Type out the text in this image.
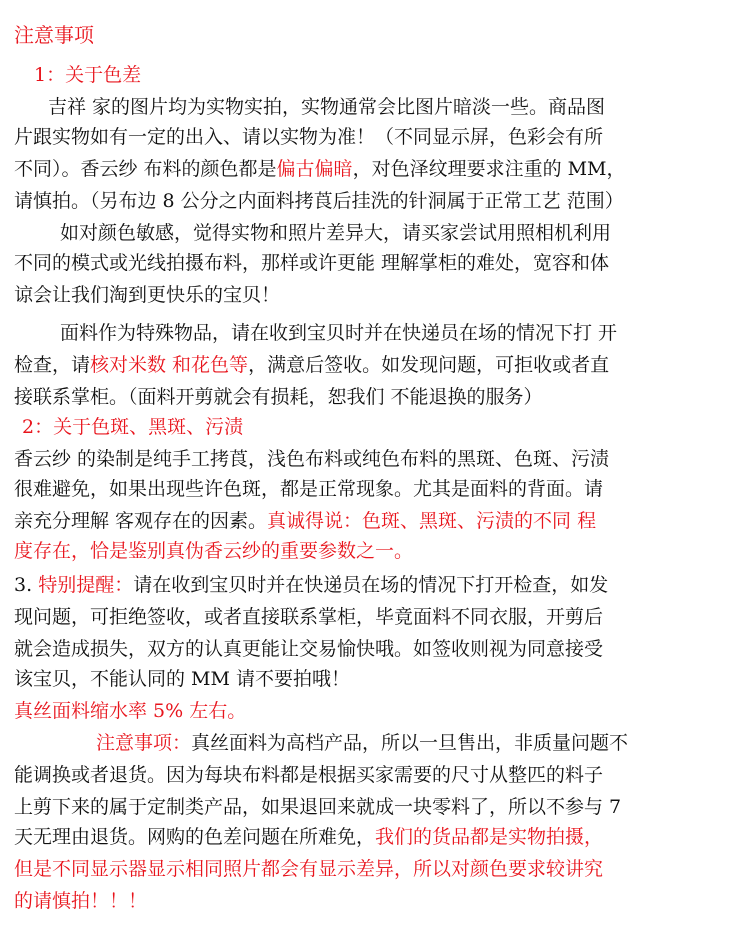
注意事项
1：关于色差
吉祥 家的图片均为实物实拍，实物通常会比图片暗淡一些。商品图
片跟实物如有一定的出入、请以实物为准！（不同显示屏，色彩会有所
不同）。香云纱 布料的颜色都是偏古偏暗，对色泽纹理要求注重的 MM，
请慎拍。（另布边 8 公分之内面料拷莨后挂洗的针洞属于正常工艺 范围）
如对颜色敏感，觉得实物和照片差异大，请买家尝试用照相机利用
不同的模式或光线拍摄布料，那样或许更能 理解掌柜的难处，宽容和体
谅会让我们淘到更快乐的宝贝！
面料作为特殊物品，请在收到宝贝时并在快递员在场的情况下打 开
检查，请核对米数 和花色等，满意后签收。如发现问题，可拒收或者直
接联系掌柜。（面料开剪就会有损耗，恕我们 不能退换的服务）
2：关于色斑、黑斑、污渍
香云纱 的染制是纯手工拷莨，浅色布料或纯色布料的黑斑、色斑、污渍
很难避免，如果出现些许色斑，都是正常现象。尤其是面料的背面。请
亲充分理解 客观存在的因素。真诚得说：色斑、黑斑、污渍的不同 程
度存在，恰是鉴别真伪香云纱的重要参数之一。
3. 特别提醒：请在收到宝贝时并在快递员在场的情况下打开检查，如发
现问题，可拒绝签收，或者直接联系掌柜，毕竟面料不同衣服，开剪后
就会造成损失，双方的认真更能让交易愉快哦。如签收则视为同意接受
该宝贝，不能认同的 MM 请不要拍哦！
真丝面料缩水率 5% 左右。
注意事项：真丝面料为高档产品，所以一旦售出，非质量问题不
能调换或者退货。因为每块布料都是根据买家需要的尺寸从整匹的料子
上剪下来的属于定制类产品，如果退回来就成一块零料了，所以不参与 7
天无理由退货。网购的色差问题在所难免，我们的货品都是实物拍摄，
但是不同显示器显示相同照片都会有显示差异，所以对颜色要求较讲究
的请慎拍！！！
